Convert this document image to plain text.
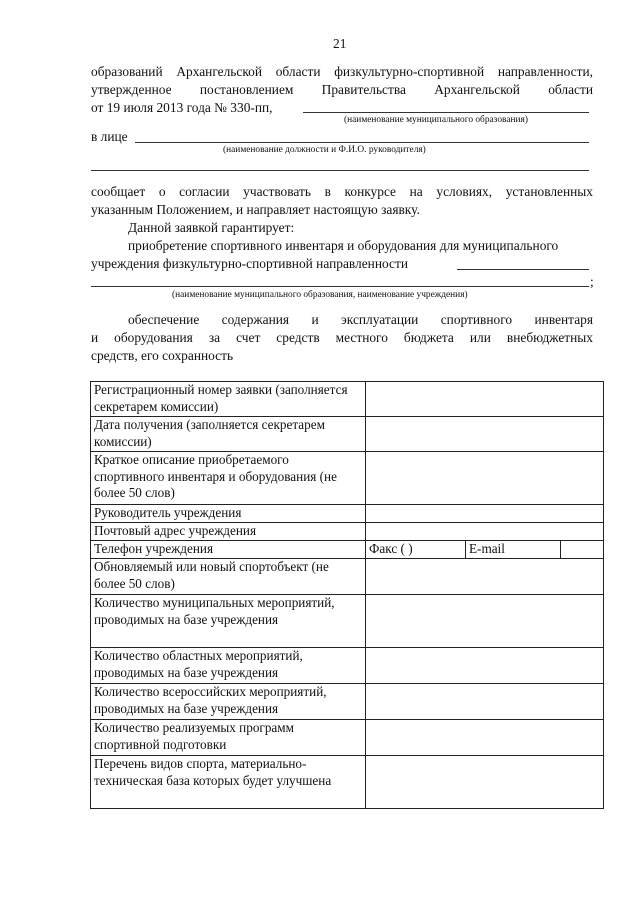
21
образований Архангельской области физкультурно-спортивной направленности,
утвержденное постановлением Правительства Архангельской области
от 19 июля 2013 года № 330-пп,
(наименование муниципального образования)
в лице
(наименование должности и Ф.И.О. руководителя)
сообщает о согласии участвовать в конкурсе на условиях, установленных
указанным Положением, и направляет настоящую заявку.
Данной заявкой гарантирует:
приобретение спортивного инвентаря и оборудования для муниципального
учреждения физкультурно-спортивной направленности
;
(наименование муниципального образования, наименование учреждения)
обеспечение содержания и эксплуатации спортивного инвентаря
и оборудования за счет средств местного бюджета или внебюджетных
средств, его сохранность
Регистрационный номер заявки (заполняется секретарем комиссии)			
Дата получения (заполняется секретарем комиссии)			
Краткое описание приобретаемого спортивного инвентаря и оборудования (не более 50 слов)			
Руководитель учреждения			
Почтовый адрес учреждения			
Телефон учреждения	Факс ( )	E-mail	
Обновляемый или новый спортобъект (не более 50 слов)			
Количество муниципальных мероприятий, проводимых на базе учреждения			
Количество областных мероприятий, проводимых на базе учреждения			
Количество всероссийских мероприятий, проводимых на базе учреждения			
Количество реализуемых программ спортивной подготовки			
Перечень видов спорта, материально-техническая база которых будет улучшена			
